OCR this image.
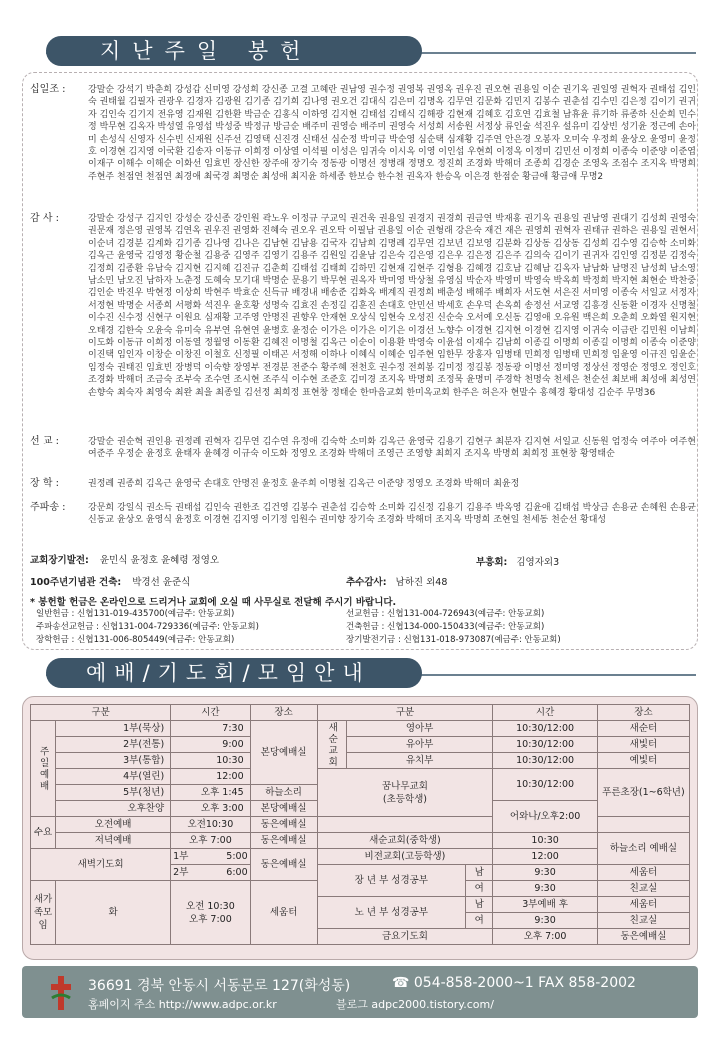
지난주일 봉헌
십일조 :	강말순 강석기 박춘희 강성갑 신미영 강성희 강신종 고결 고혜란 권남영 권수정 권영복 권영옥 권우진 권오현 권용일 이순 권기옥 권일영 권혁자 권태섭 김인숙 권태월 김필자 권광우 김경자 김광원 김기종 김기희 김나영 권오건 김대식 김은미 김명옥 김무연 김문화 김민지 김봉수 권춘섭 김수민 김은정 김이기 권귀자 김인숙 김기지 전유영 김재원 김한환 박금순 김홍식 이하영 김지현 김태섭 김태식 김해광 김현재 김혜호 김호연 김효철 남휴윤 류기하 류종하 신순희 민수정 박무현 김옥자 박성열 유영섭 박성중 박정규 방금순 배주미 권영승 배주미 권영숙 서성희 서송원 서정상 류인술 석진우 설유미 김상빈 성기윤 정근예 손아미 손성식 신영자 신수빈 신재원 신주선 김영택 신진경 신태선 심순정 박미금 박순영 심순택 심재황 김주연 안은경 오봉자 오미숙 우정희 윤상오 윤영미 윤정호 이경현 김지영 이국환 김송자 이동규 이희정 이상열 이석필 이성은 임귀숙 이시옥 이영 이인섭 우현희 이정옥 이정미 김민선 이정희 이종숙 이준양 이준엽 이재구 이해수 이해순 이화선 임효빈 장신한 장주애 장기숙 정동광 이명선 정병래 정명오 정진희 조경화 박해더 조종희 김경순 조영옥 조점수 조지옥 박명희 주현주 천점연 천점연 최경애 최국경 최명순 최성애 최지윤 하세종 한보승 한수천 권옥자 한승옥 이은경 한점순 황금애 황금애 무명2
감 사 :	강말순 강성구 김지인 강성순 강신종 강인원 곽노우 이정규 구교익 권건욱 권용일 권경지 권경희 권금연 박재홍 권기옥 권용일 권남영 권대기 김성희 권영숙 권문재 정은영 권영복 김연옥 권우진 권영화 진혜숙 권오우 권오탁 이필남 권용일 이순 권형래 강은숙 재건 재은 권영희 권혁자 권태규 권하은 권용일 권현서 이순녀 김경분 김계화 김기종 김나영 김나은 김남현 김남용 김국자 김남희 김명례 김무연 김보년 김보영 김분화 김상동 김상동 김성희 김수영 김승학 소미화 김옥근 윤영국 김영정 황순철 김용중 김영주 김영기 김용주 김원일 김윤남 김은숙 김은영 김은우 김은정 김은주 김의숙 김이기 권귀자 김인영 김정분 김정숙 김정희 김종환 유남숙 김지현 김지혜 김진규 김춘희 김태섭 김태희 김하민 김현재 김현주 김형용 김혜경 김호남 김혜남 김옥자 남남화 남명진 남성희 남소영 남소민 남오진 남하자 노춘정 도혜숙 모기대 박명순 문용기 박무현 권옥자 박미영 박상철 유영심 박순자 박영미 박영숙 박옥희 박정희 박지현 최현순 박찬중 김인순 박진우 박현정 이상희 박현주 박효순 신득규 배경내 배송준 김화옥 배계직 권정희 배춘성 배해주 배희자 서도현 서은진 서미영 이종숙 서일교 서정자 서정현 박명순 서종희 서평화 석진우 윤호황 성명숙 김효진 손정길 김훈진 손대호 안민선 박세호 손우덕 손옥희 송정선 서교영 김흥경 신동환 이경자 신명철 이수진 신수정 신현구 이원요 심재황 고주영 안명진 권향우 안재현 오상식 임현숙 오성진 신순숙 오서예 오신동 김영애 오유원 백은희 오춘희 오화열 원지현 오태경 김한숙 오윤숙 유미숙 유부연 유현연 윤병호 윤정순 이가은 이가은 이기은 이경선 노향수 이경현 김지현 이경현 김지영 이귀숙 이금란 김민원 이남희 이도화 이동규 이희정 이동열 정월영 이동환 김혜진 이명철 김옥근 이순이 이용환 박영숙 이윤섭 이재수 김남희 이종길 이명희 이종길 이명희 이종숙 이준양 이진택 임인자 이창순 이창진 이철호 신정필 이태곤 서정해 이하나 이혜식 이혜순 임주현 임한무 장홍자 임병태 민희정 임병태 민희정 임윤영 이규진 임윤순 임정숙 권태진 임효빈 장병덕 이숙향 장영부 전경분 전준수 황주혜 전천호 권수정 전희봉 김미정 정길봉 정동광 이명선 정미영 정상선 정영순 정영오 정인호 조경화 박해더 조금숙 조부숙 조수연 조시현 조주식 이수현 조준호 김미경 조지옥 박명희 조정묵 윤명미 주경학 천명숙 천세은 천순선 최보배 최성애 최성연 손향숙 최숙자 최영숙 최완 최을 최종일 김선정 최희정 표현창 정태순 한마음교회 한미옥교회 한주은 허은자 현말수 홍혜경 황대성 김순주 무명36
선 교 :	강말순 권순혁 권인용 권정례 권혁자 김무연 김수연 유정애 김숙학 소미화 김옥근 윤영국 김용기 김현구 최분자 김지현 서일교 신동원 엄정숙 여주아 여주현 여준주 우정순 윤정호 윤태자 윤혜경 이규숙 이도화 정영오 조경화 박해더 조영근 조영향 최희지 조지옥 박명희 최희정 표현창 황영태순
장 학 :	권정례 권종희 김옥근 윤영국 손대호 안명진 윤정호 윤주희 이명철 김옥근 이준양 정영오 조경화 박해더 최윤정
주파송 :	강문희 강일식 권소득 권태섭 김인숙 권한조 김건영 김봉수 권춘섭 김승학 소미화 김신정 김용기 김용주 박옥영 김윤애 김태섭 박상금 손용균 손혜원 손용균 신동교 윤상오 윤영식 윤정호 이경현 김지영 이기정 임원수 권미향 장기숙 조경화 박해더 조지옥 박명희 조현일 천세동 천순선 황대성
교회장기발전: 윤민식 윤정호 윤혜령 정영오	부흥회: 김영자외3
100주년기념관 건축: 박경선 윤준식	추수감사: 남하진 외48
* 봉헌할 헌금은 온라인으로 드리거나 교회에 오실 때 사무실로 전달해 주시기 바랍니다.
일반헌금 : 신협131-019-435700(예금주: 안동교회)	선교헌금 : 신협131-004-726943(예금주: 안동교회)
주파송선교헌금 : 신협131-004-729336(예금주: 안동교회)	건축헌금 : 신협134-000-150433(예금주: 안동교회)
장학헌금 : 신협131-006-805449(예금주: 안동교회)	장기발전기금 : 신협131-018-973087(예금주: 안동교회)
예배/기도회/모임안내
구분		시간	장소	구분			시간	장소
주일예배	1부(묵상)	7:30	본당예배실	새순교회	영아부		10:30/12:00	새순터
	2부(전통)	9:00			유아부		10:30/12:00	새빛터
	3부(통합)	10:30			유치부		10:30/12:00	예빛터
	4부(열린)	12:00		꿈나무교회
(초등학생)			10:30/12:00	푸른초장(1~6학년)
	5부(청년)	오후 1:45	하늘소리					
	오후찬양	오후 3:00	본당예배실				어와나/오후2:00	
수요	오전예배	오전10:30	동은예배실		
	저녁예배	오후 7:00	동은예배실	새순교회(중학생)			10:30	하늘소리 예배실
새벽기도회		1부 5:00	동은예배실	비전교회(고등학생)			12:00	
		2부 6:00		장 년 부 성경공부		남	9:30	세움터
새가족모임	화	오전 10:30
오후 7:00	세움터			여	9:30	친교실
				노 년 부 성경공부		남	3부예배 후	세움터
						여	9:30	친교실
				금요기도회			오후 7:00	동은예배실
36691 경북 안동시 서동문로 127(화성동)	☎ 054-858-2000~1 FAX 858-2002
홈페이지 주소 http://www.adpc.or.kr	블로그 adpc2000.tistory.com/
